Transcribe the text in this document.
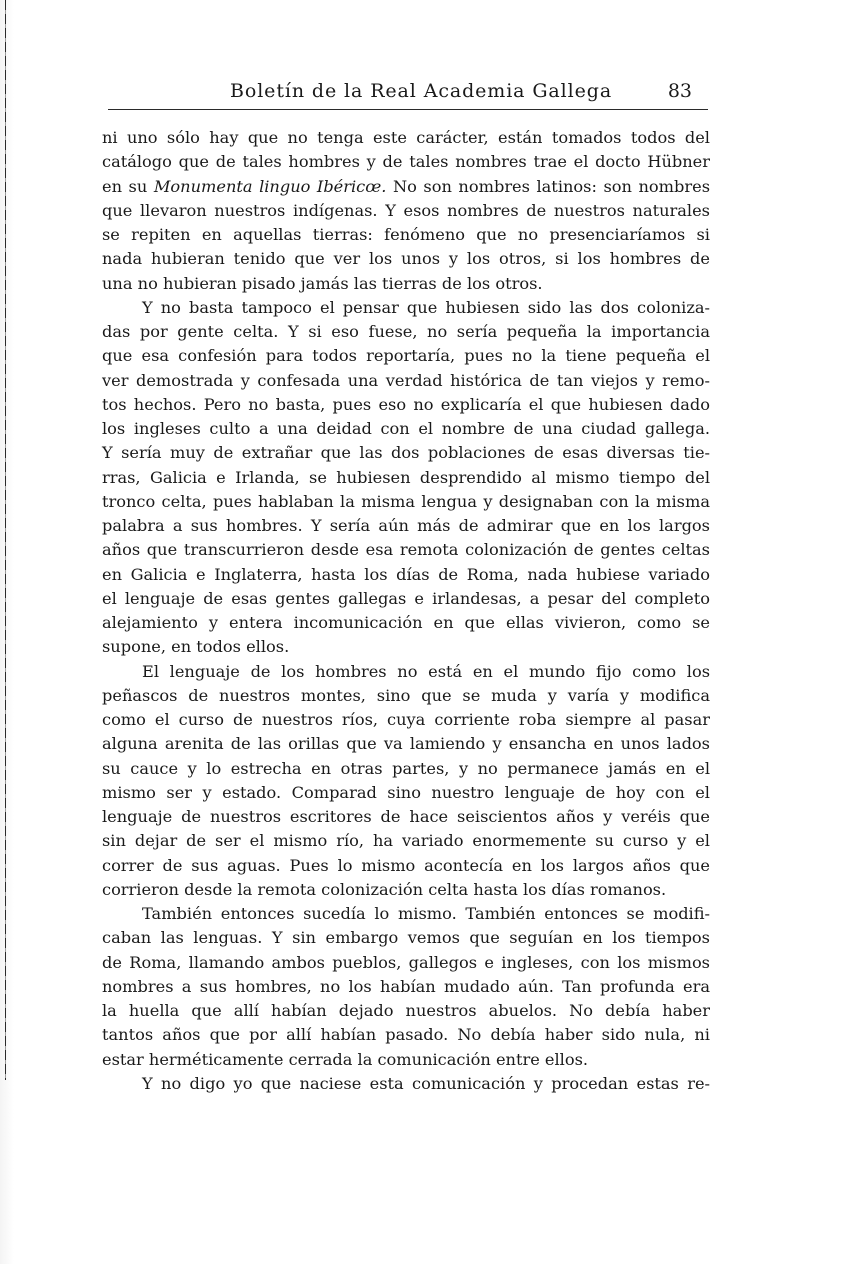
Boletín de la Real Academia Gallega	83
ni uno sólo hay que no tenga este carácter, están tomados todos del
catálogo que de tales hombres y de tales nombres trae el docto Hübner
en su Monumenta linguo Ibéricœ. No son nombres latinos: son nombres
que llevaron nuestros indígenas. Y esos nombres de nuestros naturales
se repiten en aquellas tierras: fenómeno que no presenciaríamos si
nada hubieran tenido que ver los unos y los otros, si los hombres de
una no hubieran pisado jamás las tierras de los otros.
Y no basta tampoco el pensar que hubiesen sido las dos coloniza-
das por gente celta. Y si eso fuese, no sería pequeña la importancia
que esa confesión para todos reportaría, pues no la tiene pequeña el
ver demostrada y confesada una verdad histórica de tan viejos y remo-
tos hechos. Pero no basta, pues eso no explicaría el que hubiesen dado
los ingleses culto a una deidad con el nombre de una ciudad gallega.
Y sería muy de extrañar que las dos poblaciones de esas diversas tie-
rras, Galicia e Irlanda, se hubiesen desprendido al mismo tiempo del
tronco celta, pues hablaban la misma lengua y designaban con la misma
palabra a sus hombres. Y sería aún más de admirar que en los largos
años que transcurrieron desde esa remota colonización de gentes celtas
en Galicia e Inglaterra, hasta los días de Roma, nada hubiese variado
el lenguaje de esas gentes gallegas e irlandesas, a pesar del completo
alejamiento y entera incomunicación en que ellas vivieron, como se
supone, en todos ellos.
El lenguaje de los hombres no está en el mundo fijo como los
peñascos de nuestros montes, sino que se muda y varía y modifica
como el curso de nuestros ríos, cuya corriente roba siempre al pasar
alguna arenita de las orillas que va lamiendo y ensancha en unos lados
su cauce y lo estrecha en otras partes, y no permanece jamás en el
mismo ser y estado. Comparad sino nuestro lenguaje de hoy con el
lenguaje de nuestros escritores de hace seiscientos años y veréis que
sin dejar de ser el mismo río, ha variado enormemente su curso y el
correr de sus aguas. Pues lo mismo acontecía en los largos años que
corrieron desde la remota colonización celta hasta los días romanos.
También entonces sucedía lo mismo. También entonces se modifi-
caban las lenguas. Y sin embargo vemos que seguían en los tiempos
de Roma, llamando ambos pueblos, gallegos e ingleses, con los mismos
nombres a sus hombres, no los habían mudado aún. Tan profunda era
la huella que allí habían dejado nuestros abuelos. No debía haber
tantos años que por allí habían pasado. No debía haber sido nula, ni
estar herméticamente cerrada la comunicación entre ellos.
Y no digo yo que naciese esta comunicación y procedan estas re-
